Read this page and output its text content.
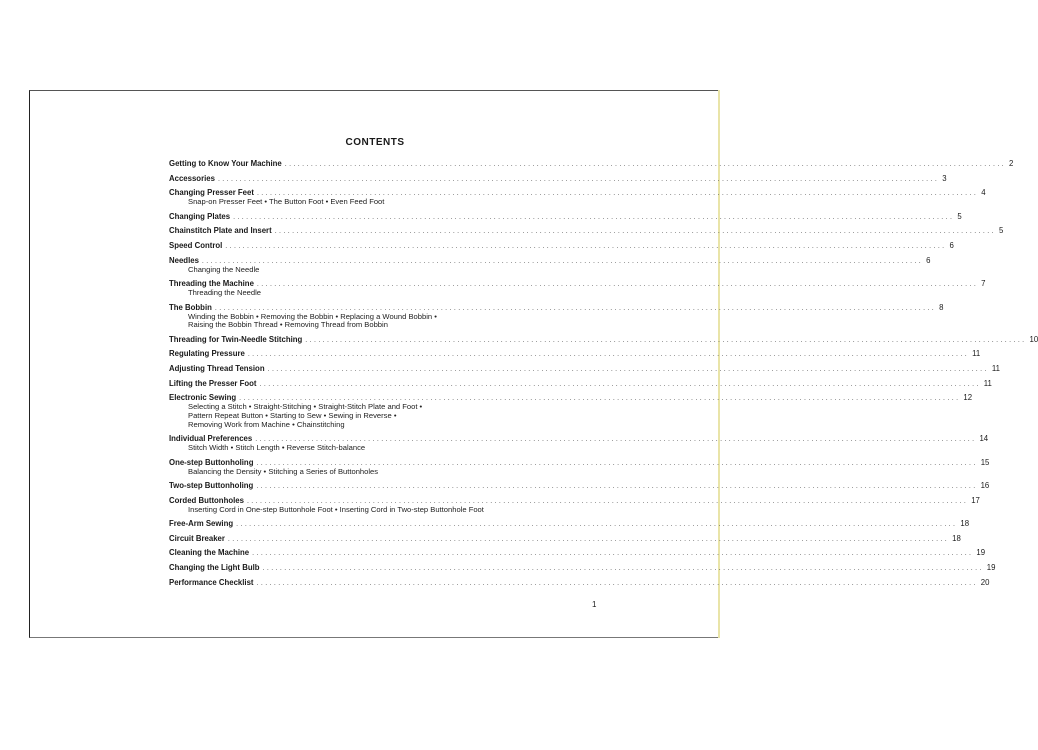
CONTENTS
Getting to Know Your Machine ...................................................................................................................................................................... 2
Accessories ...................................................................................................................................................................... 3
Changing Presser Feet ...................................................................................................................................................................... 4
Snap-on Presser Feet • The Button Foot • Even Feed Foot
Changing Plates ...................................................................................................................................................................... 5
Chainstitch Plate and Insert ...................................................................................................................................................................... 5
Speed Control ...................................................................................................................................................................... 6
Needles ...................................................................................................................................................................... 6
Changing the Needle
Threading the Machine ...................................................................................................................................................................... 7
Threading the Needle
The Bobbin ...................................................................................................................................................................... 8
Winding the Bobbin • Removing the Bobbin • Replacing a Wound Bobbin •
Raising the Bobbin Thread • Removing Thread from Bobbin
Threading for Twin-Needle Stitching ...................................................................................................................................................................... 10
Regulating Pressure ...................................................................................................................................................................... 11
Adjusting Thread Tension ...................................................................................................................................................................... 11
Lifting the Presser Foot ...................................................................................................................................................................... 11
Electronic Sewing ...................................................................................................................................................................... 12
Selecting a Stitch • Straight-Stitching • Straight-Stitch Plate and Foot •
Pattern Repeat Button • Starting to Sew • Sewing in Reverse •
Removing Work from Machine • Chainstitching
Individual Preferences ...................................................................................................................................................................... 14
Stitch Width • Stitch Length • Reverse Stitch-balance
One-step Buttonholing ...................................................................................................................................................................... 15
Balancing the Density • Stitching a Series of Buttonholes
Two-step Buttonholing ...................................................................................................................................................................... 16
Corded Buttonholes ...................................................................................................................................................................... 17
Inserting Cord in One-step Buttonhole Foot • Inserting Cord in Two-step Buttonhole Foot
Free-Arm Sewing ...................................................................................................................................................................... 18
Circuit Breaker ...................................................................................................................................................................... 18
Cleaning the Machine ...................................................................................................................................................................... 19
Changing the Light Bulb ...................................................................................................................................................................... 19
Performance Checklist ...................................................................................................................................................................... 20
1
